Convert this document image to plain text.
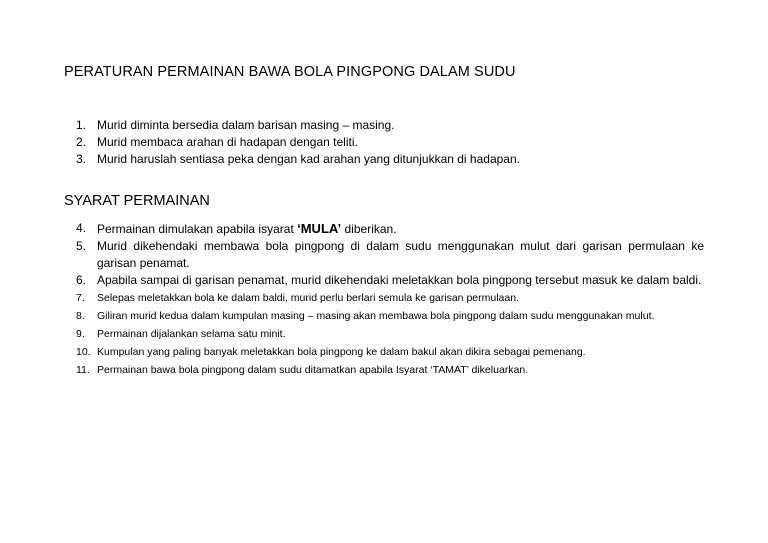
PERATURAN PERMAINAN BAWA BOLA PINGPONG DALAM SUDU
1. Murid diminta bersedia dalam barisan masing – masing.
2. Murid membaca arahan di hadapan dengan teliti.
3. Murid haruslah sentiasa peka dengan kad arahan yang ditunjukkan di hadapan.
SYARAT PERMAINAN
4. Permainan dimulakan apabila isyarat ‘MULA’ diberikan.
5. Murid dikehendaki membawa bola pingpong di dalam sudu menggunakan mulut dari garisan permulaan ke garisan penamat.
6. Apabila sampai di garisan penamat, murid dikehendaki meletakkan bola pingpong tersebut masuk ke dalam baldi.
7.	Selepas meletakkan bola ke dalam baldi, murid perlu berlari semula ke garisan permulaan.
8.	Giliran murid kedua dalam kumpulan masing – masing akan membawa bola pingpong dalam sudu menggunakan mulut.
9.	Permainan dijalankan selama satu minit.
10. Kumpulan yang paling banyak meletakkan bola pingpong ke dalam bakul akan dikira sebagai pemenang.
11. Permainan bawa bola pingpong dalam sudu ditamatkan apabila Isyarat ‘TAMAT’ dikeluarkan.
